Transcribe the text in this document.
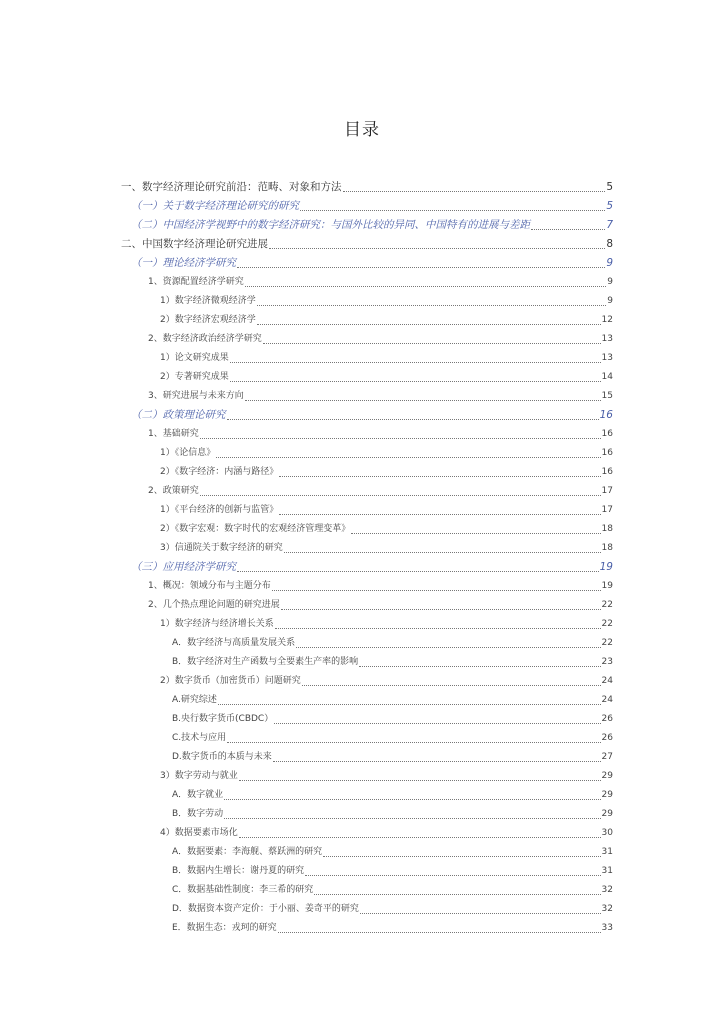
目录
一、数字经济理论研究前沿：范畴、对象和方法	5
（一）关于数字经济理论研究的研究	5
（二）中国经济学视野中的数字经济研究：与国外比较的异同、中国特有的进展与差距	7
二、中国数字经济理论研究进展	8
（一）理论经济学研究	9
1、资源配置经济学研究	9
1）数字经济微观经济学	9
2）数字经济宏观经济学	12
2、数字经济政治经济学研究	13
1）论文研究成果	13
2）专著研究成果	14
3、研究进展与未来方向	15
（二）政策理论研究	16
1、基础研究	16
1）《论信息》	16
2）《数字经济：内涵与路径》	16
2、政策研究	17
1）《平台经济的创新与监管》	17
2）《数字宏观：数字时代的宏观经济管理变革》	18
3）信通院关于数字经济的研究	18
（三）应用经济学研究	19
1、概况：领域分布与主题分布	19
2、几个热点理论问题的研究进展	22
1）数字经济与经济增长关系	22
A．数字经济与高质量发展关系	22
B．数字经济对生产函数与全要素生产率的影响	23
2）数字货币（加密货币）问题研究	24
A.研究综述	24
B.央行数字货币(CBDC）	26
C.技术与应用	26
D.数字货币的本质与未来	27
3）数字劳动与就业	29
A．数字就业	29
B．数字劳动	29
4）数据要素市场化	30
A．数据要素：李海舰、蔡跃洲的研究	31
B．数据内生增长：谢丹夏的研究	31
C．数据基础性制度：李三希的研究	32
D．数据资本资产定价：于小丽、姜奇平的研究	32
E．数据生态：戎珂的研究	33
